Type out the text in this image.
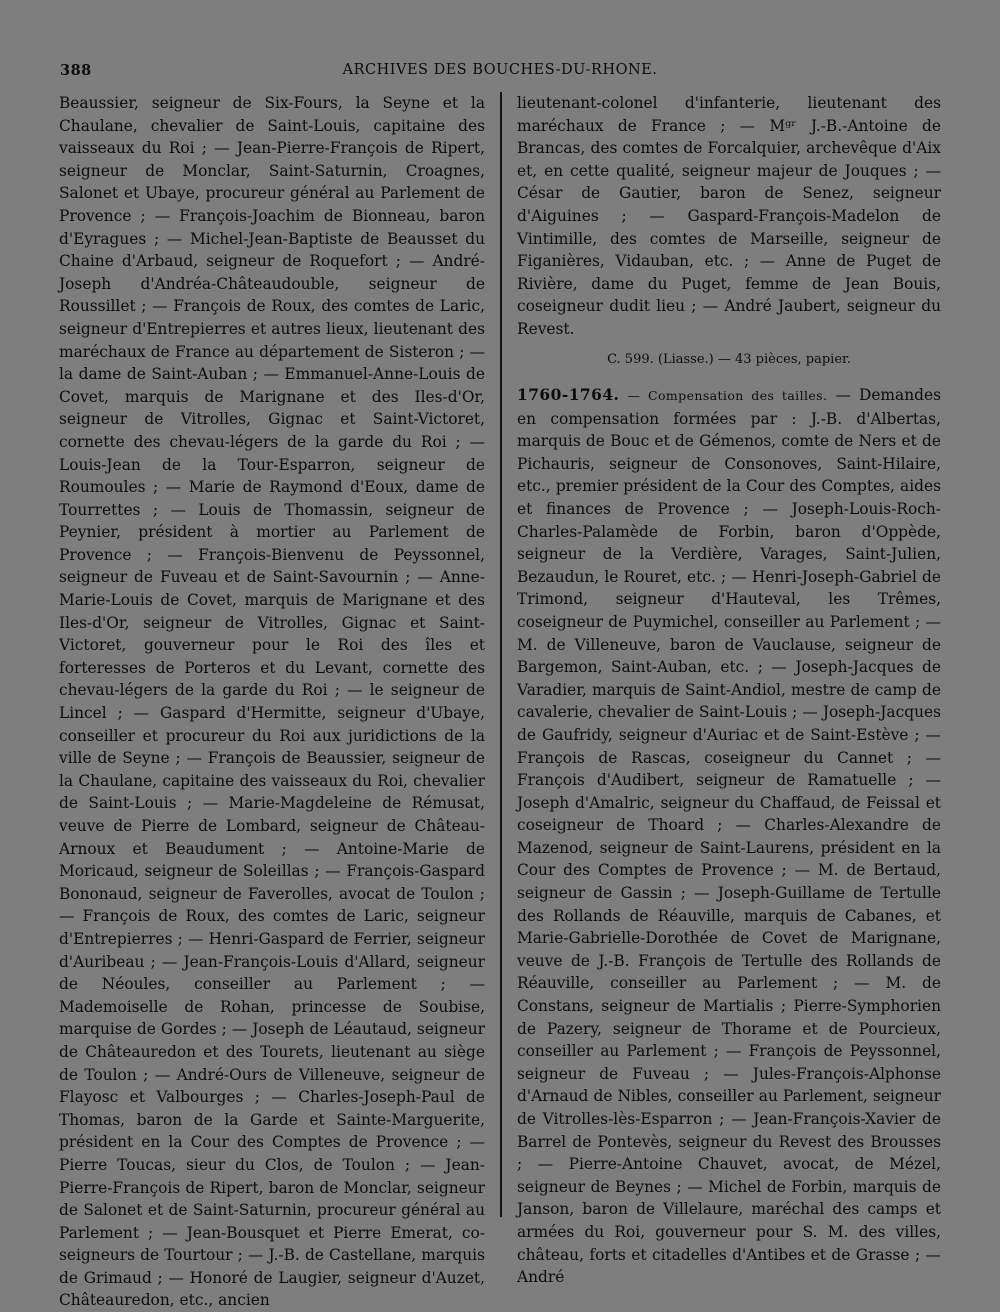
388	ARCHIVES DES BOUCHES-DU-RHONE.

Beaussier, seigneur de Six-Fours, la Seyne et la Chaulane, chevalier de Saint-Louis, capitaine des vaisseaux du Roi ; — Jean-Pierre-François de Ripert, seigneur de Monclar, Saint-Saturnin, Croagnes, Salonet et Ubaye, procureur général au Parlement de Provence ; — François-Joachim de Bionneau, baron d'Eyragues ; — Michel-Jean-Baptiste de Beausset du Chaine d'Arbaud, seigneur de Roquefort ; — André-Joseph d'Andréa-Châteaudouble, seigneur de Roussillet ; — François de Roux, des comtes de Laric, seigneur d'Entrepierres et autres lieux, lieutenant des maréchaux de France au département de Sisteron ; — la dame de Saint-Auban ; — Emmanuel-Anne-Louis de Covet, marquis de Marignane et des Iles-d'Or, seigneur de Vitrolles, Gignac et Saint-Victoret, cornette des chevau-légers de la garde du Roi ; — Louis-Jean de la Tour-Esparron, seigneur de Roumoules ; — Marie de Raymond d'Eoux, dame de Tourrettes ; — Louis de Thomassin, seigneur de Peynier, président à mortier au Parlement de Provence ; — François-Bienvenu de Peyssonnel, seigneur de Fuveau et de Saint-Savournin ; — Anne-Marie-Louis de Covet, marquis de Marignane et des Iles-d'Or, seigneur de Vitrolles, Gignac et Saint-Victoret, gouverneur pour le Roi des îles et forteresses de Porteros et du Levant, cornette des chevau-légers de la garde du Roi ; — le seigneur de Lincel ; — Gaspard d'Hermitte, seigneur d'Ubaye, conseiller et procureur du Roi aux juridictions de la ville de Seyne ; — François de Beaussier, seigneur de la Chaulane, capitaine des vaisseaux du Roi, chevalier de Saint-Louis ; — Marie-Magdeleine de Rémusat, veuve de Pierre de Lombard, seigneur de Château-Arnoux et Beaudument ; — Antoine-Marie de Moricaud, seigneur de Soleillas ; — François-Gaspard Bononaud, seigneur de Faverolles, avocat de Toulon ; — François de Roux, des comtes de Laric, seigneur d'Entrepierres ; — Henri-Gaspard de Ferrier, seigneur d'Auribeau ; — Jean-François-Louis d'Allard, seigneur de Néoules, conseiller au Parlement ; — Mademoiselle de Rohan, princesse de Soubise, marquise de Gordes ; — Joseph de Léautaud, seigneur de Châteauredon et des Tourets, lieutenant au siège de Toulon ; — André-Ours de Villeneuve, seigneur de Flayosc et Valbourges ; — Charles-Joseph-Paul de Thomas, baron de la Garde et Sainte-Marguerite, président en la Cour des Comptes de Provence ; — Pierre Toucas, sieur du Clos, de Toulon ; — Jean-Pierre-François de Ripert, baron de Monclar, seigneur de Salonet et de Saint-Saturnin, procureur général au Parlement ; — Jean-Bousquet et Pierre Emerat, co-seigneurs de Tourtour ; — J.-B. de Castellane, marquis de Grimaud ; — Honoré de Laugier, seigneur d'Auzet, Châteauredon, etc., ancien

lieutenant-colonel d'infanterie, lieutenant des maréchaux de France ; — Mᵍʳ J.-B.-Antoine de Brancas, des comtes de Forcalquier, archevêque d'Aix et, en cette qualité, seigneur majeur de Jouques ; — César de Gautier, baron de Senez, seigneur d'Aiguines ; — Gaspard-François-Madelon de Vintimille, des comtes de Marseille, seigneur de Figanières, Vidauban, etc. ; — Anne de Puget de Rivière, dame du Puget, femme de Jean Bouis, coseigneur dudit lieu ; — André Jaubert, seigneur du Revest.

C. 599. (Liasse.) — 43 pièces, papier.
1760-1764. — Compensation des tailles. — Demandes en compensation formées par : J.-B. d'Albertas, marquis de Bouc et de Gémenos, comte de Ners et de Pichauris, seigneur de Consonoves, Saint-Hilaire, etc., premier président de la Cour des Comptes, aides et finances de Provence ; — Joseph-Louis-Roch-Charles-Palamède de Forbin, baron d'Oppède, seigneur de la Verdière, Varages, Saint-Julien, Bezaudun, le Rouret, etc. ; — Henri-Joseph-Gabriel de Trimond, seigneur d'Hauteval, les Trêmes, coseigneur de Puymichel, conseiller au Parlement ; — M. de Villeneuve, baron de Vauclause, seigneur de Bargemon, Saint-Auban, etc. ; — Joseph-Jacques de Varadier, marquis de Saint-Andiol, mestre de camp de cavalerie, chevalier de Saint-Louis ; — Joseph-Jacques de Gaufridy, seigneur d'Auriac et de Saint-Estève ; — François de Rascas, coseigneur du Cannet ; — François d'Audibert, seigneur de Ramatuelle ; — Joseph d'Amalric, seigneur du Chaffaud, de Feissal et coseigneur de Thoard ; — Charles-Alexandre de Mazenod, seigneur de Saint-Laurens, président en la Cour des Comptes de Provence ; — M. de Bertaud, seigneur de Gassin ; — Joseph-Guillame de Tertulle des Rollands de Réauville, marquis de Cabanes, et Marie-Gabrielle-Dorothée de Covet de Marignane, veuve de J.-B. François de Tertulle des Rollands de Réauville, conseiller au Parlement ; — M. de Constans, seigneur de Martialis ; Pierre-Symphorien de Pazery, seigneur de Thorame et de Pourcieux, conseiller au Parlement ; — François de Peyssonnel, seigneur de Fuveau ; — Jules-François-Alphonse d'Arnaud de Nibles, conseiller au Parlement, seigneur de Vitrolles-lès-Esparron ; — Jean-François-Xavier de Barrel de Pontevès, seigneur du Revest des Brousses ; — Pierre-Antoine Chauvet, avocat, de Mézel, seigneur de Beynes ; — Michel de Forbin, marquis de Janson, baron de Villelaure, maréchal des camps et armées du Roi, gouverneur pour S. M. des villes, château, forts et citadelles d'Antibes et de Grasse ; — André
